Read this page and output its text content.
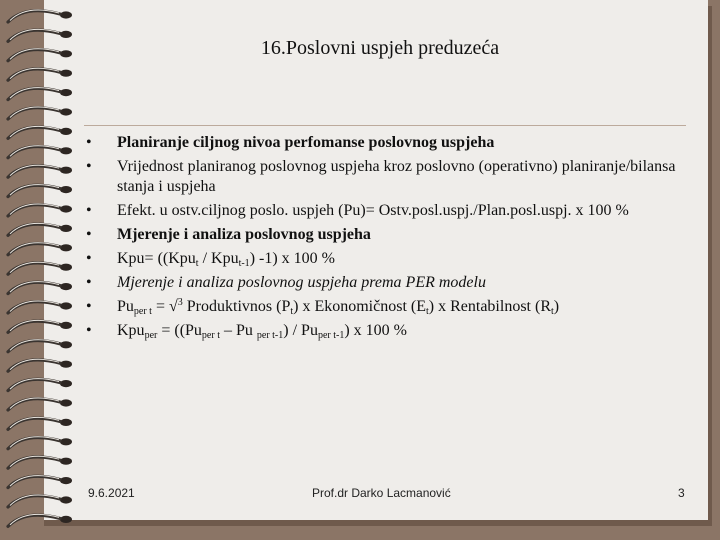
16.Poslovni uspjeh preduzeća
•	Planiranje ciljnog nivoa perfomanse poslovnog uspjeha
•	Vrijednost planiranog poslovnog uspjeha kroz poslovno (operativno) planiranje/bilansa stanja i uspjeha
•	Efekt. u ostv.ciljnog poslo. uspjeh (Pu)= Ostv.posl.uspj./Plan.posl.uspj. x 100 %
•	Mjerenje i analiza poslovnog uspjeha
•	Kpu= ((Kpu$_t$ / Kpu$_{t-1}$) -1) x 100 %
•	Mjerenje i analiza poslovnog uspjeha prema PER modelu
•	$Pu_{per t} = √^3$ Produktivnos $(P_t)$ x Ekonomičnost $(E_t)$ x Rentabilnost $(R_t)$
•	$Kpu_{per} = ((Pu_{per t} - Pu$ $_{per t-1}) / Pu_{per t-1}$) x 100 %
9.6.2021	Prof.dr Darko Lacmanović	3
